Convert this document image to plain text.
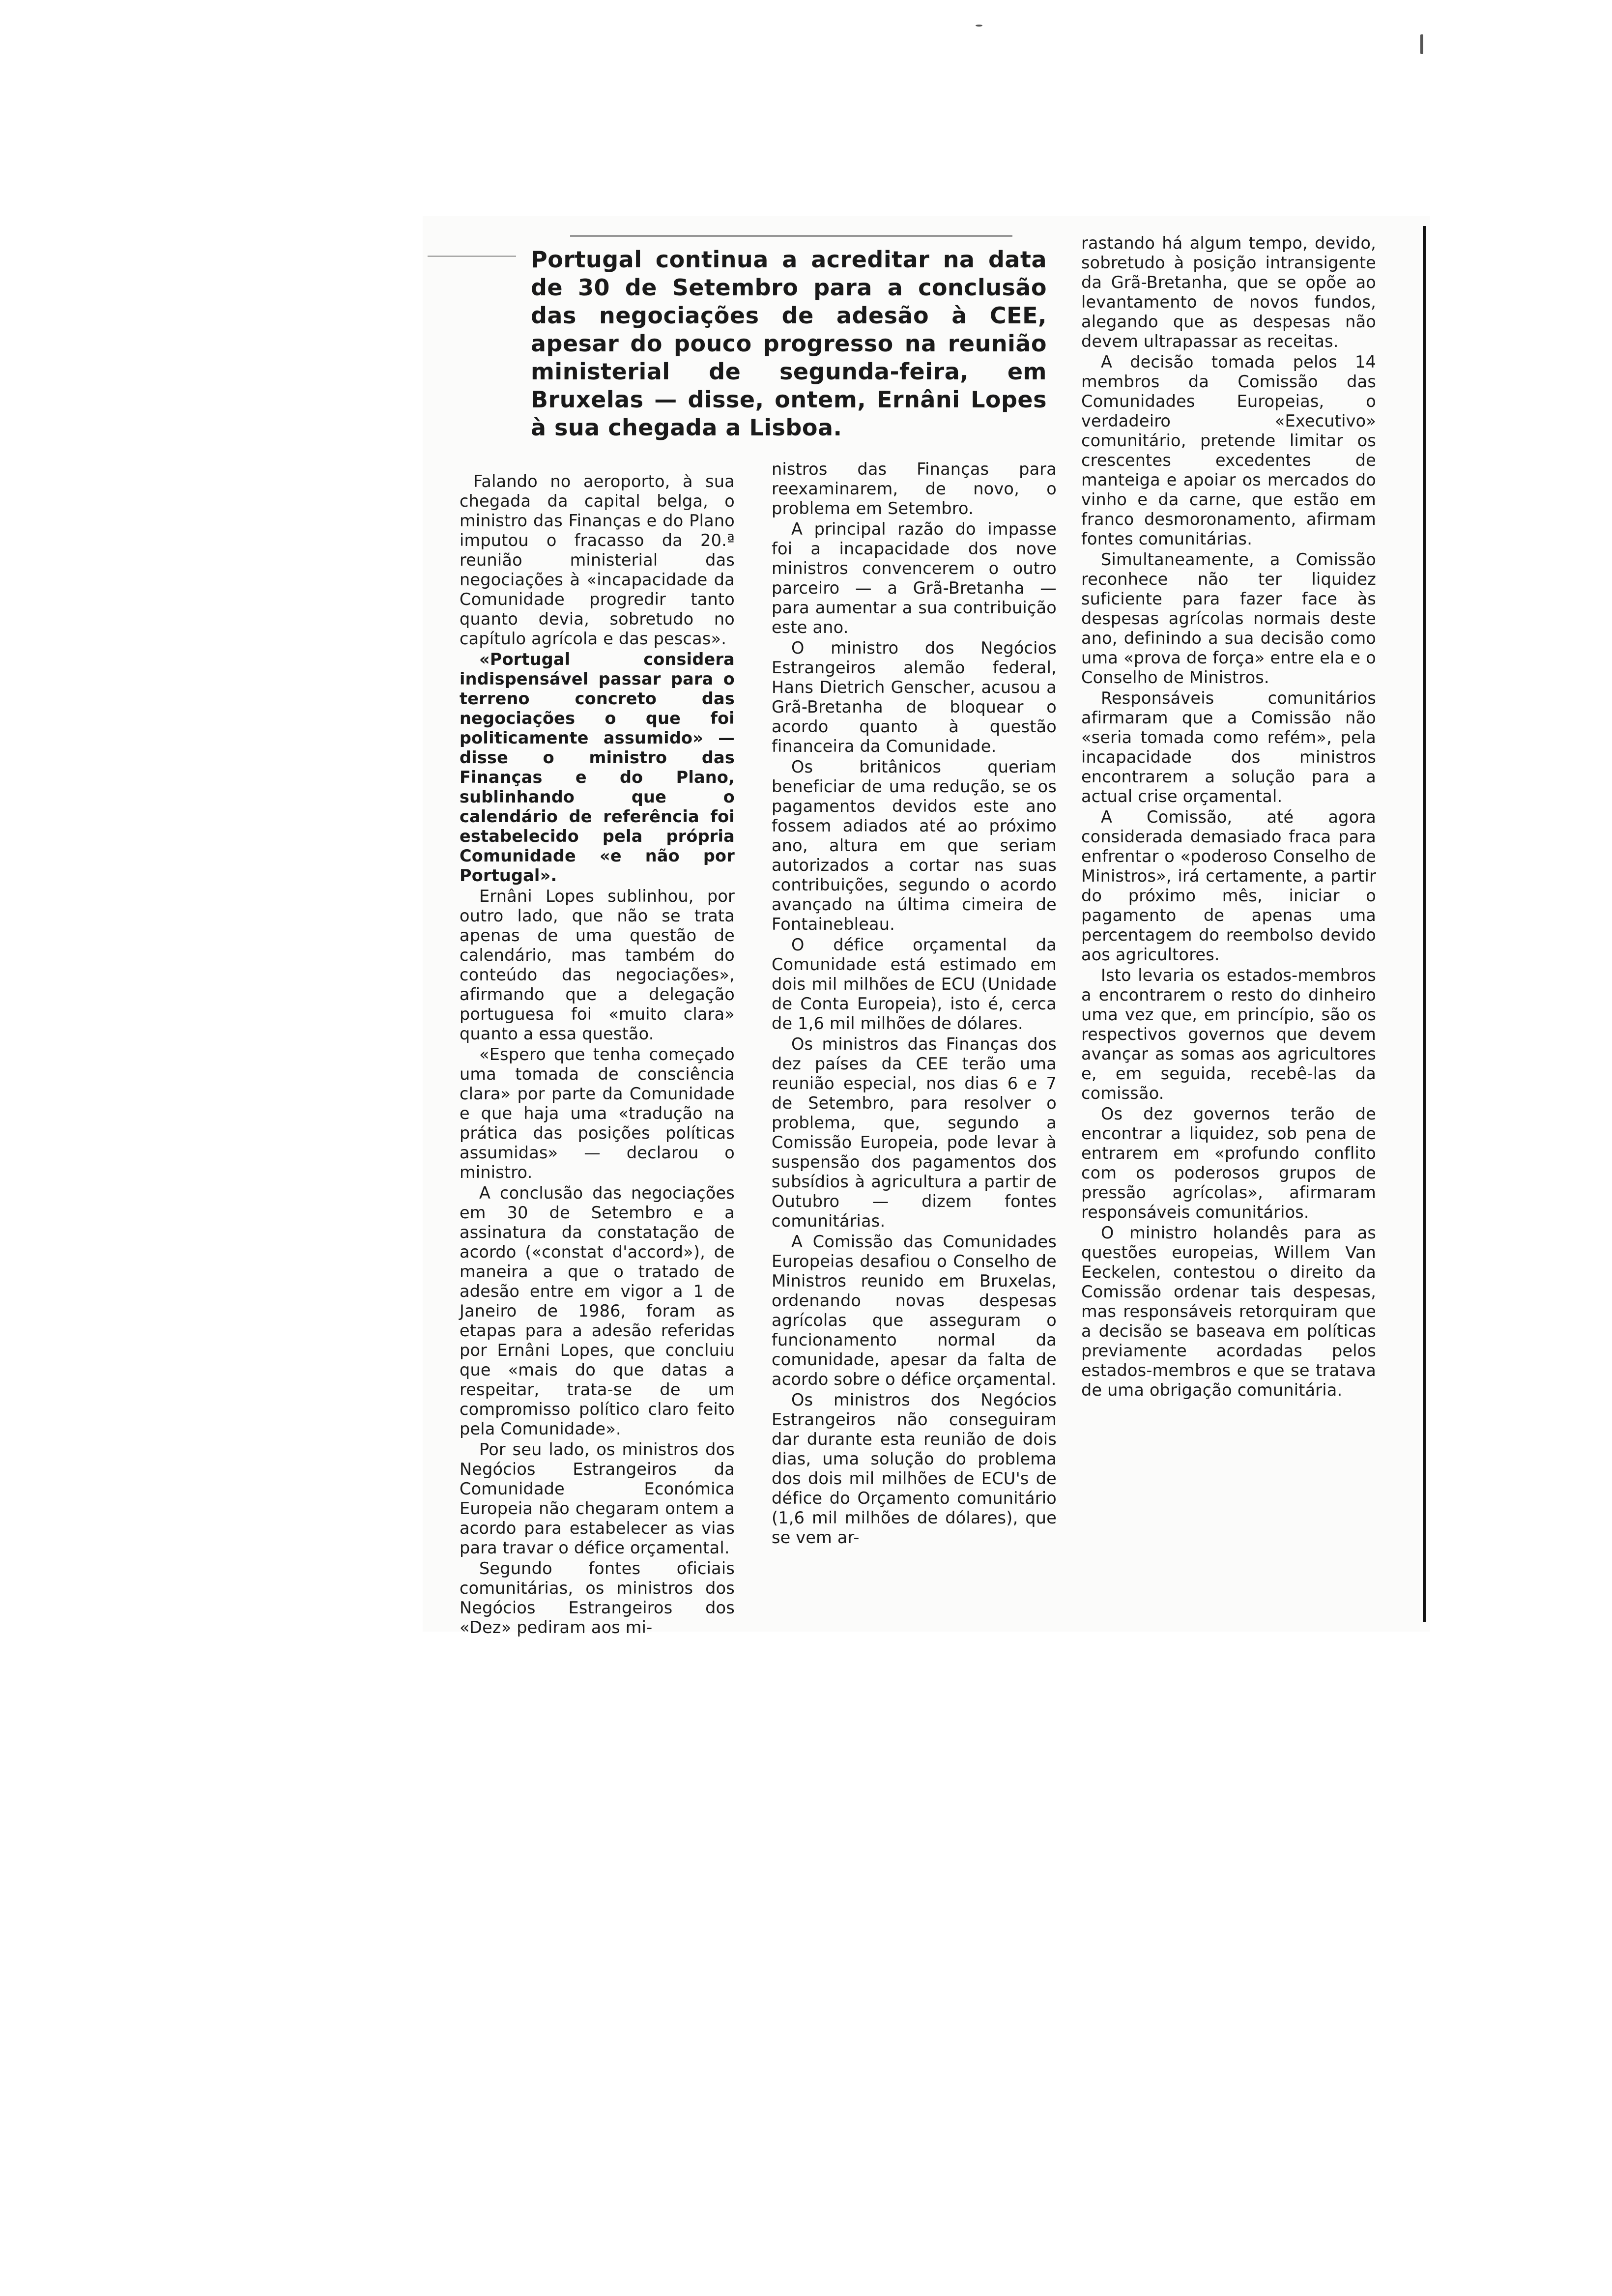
Portugal continua a acreditar na data de 30 de Setembro para a conclusão das negociações de adesão à CEE, apesar do pouco progresso na reunião ministerial de segunda-feira, em Bruxelas — disse, ontem, Ernâni Lopes à sua chegada a Lisboa.

Falando no aeroporto, à sua chegada da capital belga, o ministro das Finanças e do Plano imputou o fracasso da 20.ª reunião ministerial das negociações à «incapacidade da Comunidade progredir tanto quanto devia, sobretudo no capítulo agrícola e das pescas».

«Portugal considera indispensável passar para o terreno concreto das negociações o que foi politicamente assumido» — disse o ministro das Finanças e do Plano, sublinhando que o calendário de referência foi estabelecido pela própria Comunidade «e não por Portugal».

Ernâni Lopes sublinhou, por outro lado, que não se trata apenas de uma questão de calendário, mas também do conteúdo das negociações», afirmando que a delegação portuguesa foi «muito clara» quanto a essa questão.

«Espero que tenha começado uma tomada de consciência clara» por parte da Comunidade e que haja uma «tradução na prática das posições políticas assumidas» — declarou o ministro.

A conclusão das negociações em 30 de Setembro e a assinatura da constatação de acordo («constat d'accord»), de maneira a que o tratado de adesão entre em vigor a 1 de Janeiro de 1986, foram as etapas para a adesão referidas por Ernâni Lopes, que concluiu que «mais do que datas a respeitar, trata-se de um compromisso político claro feito pela Comunidade».

Por seu lado, os ministros dos Negócios Estrangeiros da Comunidade Económica Europeia não chegaram ontem a acordo para estabelecer as vias para travar o défice orçamental.

Segundo fontes oficiais comunitárias, os ministros dos Negócios Estrangeiros dos «Dez» pediram aos mi-

nistros das Finanças para reexaminarem, de novo, o problema em Setembro.

A principal razão do impasse foi a incapacidade dos nove ministros convencerem o outro parceiro — a Grã-Bretanha — para aumentar a sua contribuição este ano.

O ministro dos Negócios Estrangeiros alemão federal, Hans Dietrich Genscher, acusou a Grã-Bretanha de bloquear o acordo quanto à questão financeira da Comunidade.

Os britânicos queriam beneficiar de uma redução, se os pagamentos devidos este ano fossem adiados até ao próximo ano, altura em que seriam autorizados a cortar nas suas contribuições, segundo o acordo avançado na última cimeira de Fontainebleau.

O défice orçamental da Comunidade está estimado em dois mil milhões de ECU (Unidade de Conta Europeia), isto é, cerca de 1,6 mil milhões de dólares.

Os ministros das Finanças dos dez países da CEE terão uma reunião especial, nos dias 6 e 7 de Setembro, para resolver o problema, que, segundo a Comissão Europeia, pode levar à suspensão dos pagamentos dos subsídios à agricultura a partir de Outubro — dizem fontes comunitárias.

A Comissão das Comunidades Europeias desafiou o Conselho de Ministros reunido em Bruxelas, ordenando novas despesas agrícolas que asseguram o funcionamento normal da comunidade, apesar da falta de acordo sobre o défice orçamental.

Os ministros dos Negócios Estrangeiros não conseguiram dar durante esta reunião de dois dias, uma solução do problema dos dois mil milhões de ECU's de défice do Orçamento comunitário (1,6 mil milhões de dólares), que se vem ar-

rastando há algum tempo, devido, sobretudo à posição intransigente da Grã-Bretanha, que se opõe ao levantamento de novos fundos, alegando que as despesas não devem ultrapassar as receitas.

A decisão tomada pelos 14 membros da Comissão das Comunidades Europeias, o verdadeiro «Executivo» comunitário, pretende limitar os crescentes excedentes de manteiga e apoiar os mercados do vinho e da carne, que estão em franco desmoronamento, afirmam fontes comunitárias.

Simultaneamente, a Comissão reconhece não ter liquidez suficiente para fazer face às despesas agrícolas normais deste ano, definindo a sua decisão como uma «prova de força» entre ela e o Conselho de Ministros.

Responsáveis comunitários afirmaram que a Comissão não «seria tomada como refém», pela incapacidade dos ministros encontrarem a solução para a actual crise orçamental.

A Comissão, até agora considerada demasiado fraca para enfrentar o «poderoso Conselho de Ministros», irá certamente, a partir do próximo mês, iniciar o pagamento de apenas uma percentagem do reembolso devido aos agricultores.

Isto levaria os estados-membros a encontrarem o resto do dinheiro uma vez que, em princípio, são os respectivos governos que devem avançar as somas aos agricultores e, em seguida, recebê-las da comissão.

Os dez governos terão de encontrar a liquidez, sob pena de entrarem em «profundo conflito com os poderosos grupos de pressão agrícolas», afirmaram responsáveis comunitários.

O ministro holandês para as questões europeias, Willem Van Eeckelen, contestou o direito da Comissão ordenar tais despesas, mas responsáveis retorquiram que a decisão se baseava em políticas previamente acordadas pelos estados-membros e que se tratava de uma obrigação comunitária.
